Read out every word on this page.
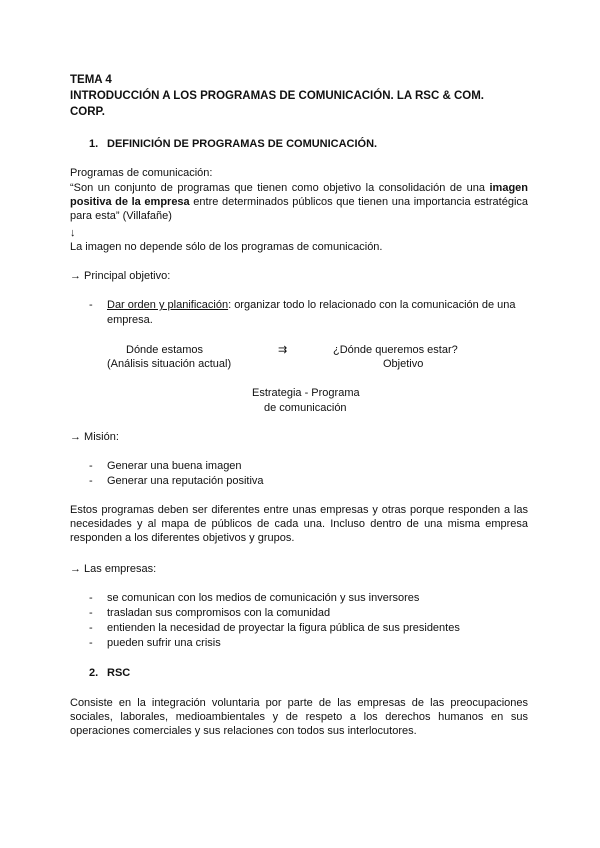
TEMA 4
INTRODUCCIÓN A LOS PROGRAMAS DE COMUNICACIÓN. LA RSC & COM.
CORP.
1. DEFINICIÓN DE PROGRAMAS DE COMUNICACIÓN.
Programas de comunicación:
“Son un conjunto de programas que tienen como objetivo la consolidación de una imagen positiva de la empresa entre determinados públicos que tienen una importancia estratégica para esta” (Villafañe)
↓
La imagen no depende sólo de los programas de comunicación.
→ Principal objetivo:
- Dar orden y planificación: organizar todo lo relacionado con la comunicación de una
empresa.
Dónde estamos
(Análisis situación actual)
⇉	¿Dónde queremos estar?
Objetivo
Estrategia - Programa
de comunicación
→ Misión:
- Generar una buena imagen
- Generar una reputación positiva
Estos programas deben ser diferentes entre unas empresas y otras porque responden a las necesidades y al mapa de públicos de cada una. Incluso dentro de una misma empresa responden a los diferentes objetivos y grupos.
→ Las empresas:
- se comunican con los medios de comunicación y sus inversores
- trasladan sus compromisos con la comunidad
- entienden la necesidad de proyectar la figura pública de sus presidentes
- pueden sufrir una crisis
2. RSC
Consiste en la integración voluntaria por parte de las empresas de las preocupaciones sociales, laborales, medioambientales y de respeto a los derechos humanos en sus operaciones comerciales y sus relaciones con todos sus interlocutores.
